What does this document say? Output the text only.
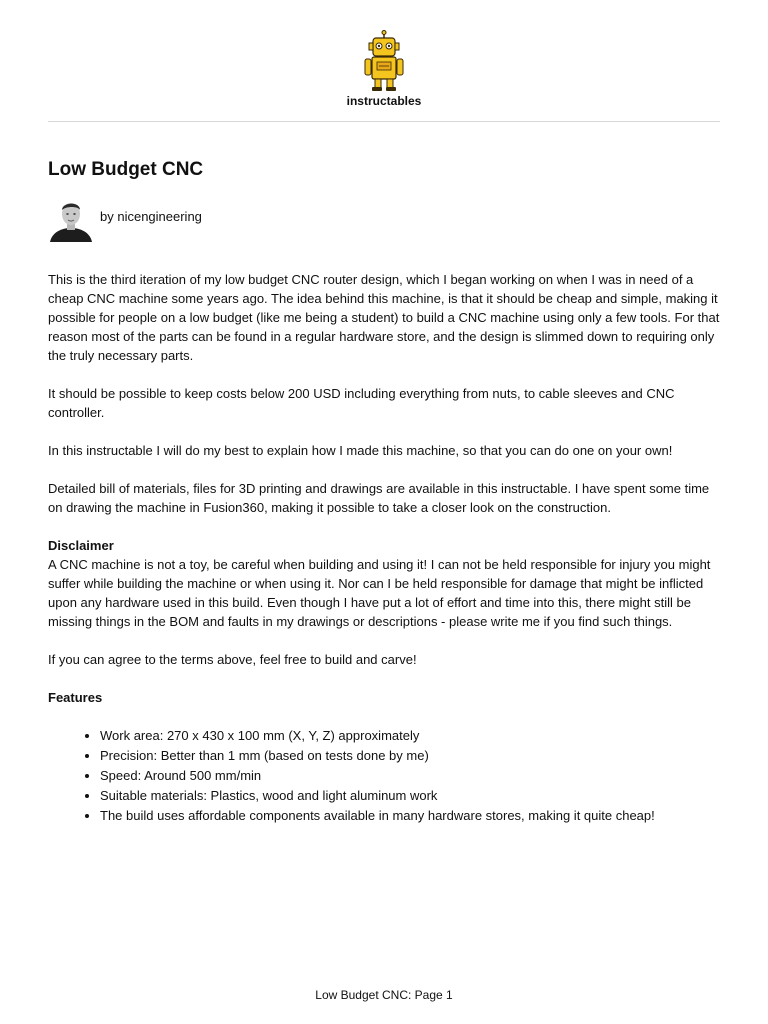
instructables
Low Budget CNC
by nicengineering

This is the third iteration of my low budget CNC router design, which I began working on when I was in need of a cheap CNC machine some years ago. The idea behind this machine, is that it should be cheap and simple, making it possible for people on a low budget (like me being a student) to build a CNC machine using only a few tools. For that reason most of the parts can be found in a regular hardware store, and the design is slimmed down to requiring only the truly necessary parts.

It should be possible to keep costs below 200 USD including everything from nuts, to cable sleeves and CNC controller.

In this instructable I will do my best to explain how I made this machine, so that you can do one on your own!

Detailed bill of materials, files for 3D printing and drawings are available in this instructable. I have spent some time on drawing the machine in Fusion360, making it possible to take a closer look on the construction.

Disclaimer

A CNC machine is not a toy, be careful when building and using it! I can not be held responsible for injury you might suffer while building the machine or when using it. Nor can I be held responsible for damage that might be inflicted upon any hardware used in this build. Even though I have put a lot of effort and time into this, there might still be missing things in the BOM and faults in my drawings or descriptions - please write me if you find such things.

If you can agree to the terms above, feel free to build and carve!

Features

• Work area: 270 x 430 x 100 mm (X, Y, Z) approximately
• Precision: Better than 1 mm (based on tests done by me)
• Speed: Around 500 mm/min
• Suitable materials: Plastics, wood and light aluminum work
• The build uses affordable components available in many hardware stores, making it quite cheap!
Low Budget CNC: Page 1
